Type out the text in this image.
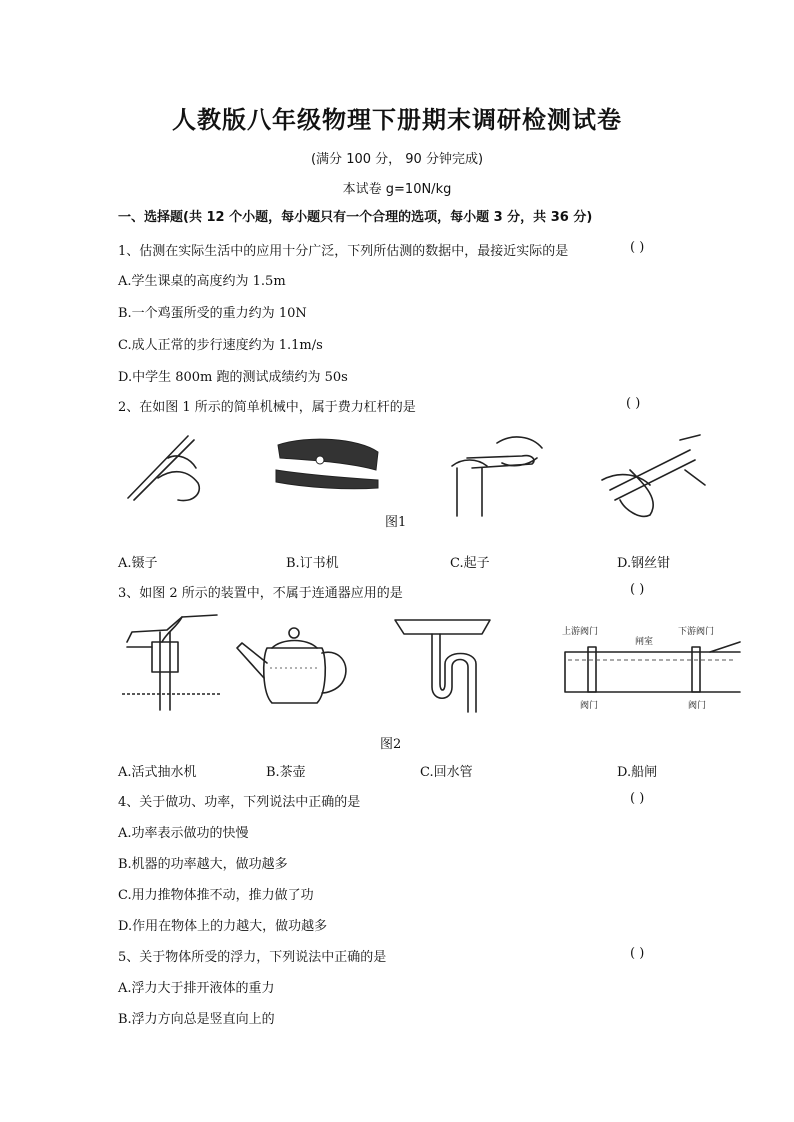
人教版八年级物理下册期末调研检测试卷
(满分 100 分， 90 分钟完成)
本试卷 g=10N/kg
一、选择题(共 12 个小题，每小题只有一个合理的选项，每小题 3 分，共 36 分)
1、估测在实际生活中的应用十分广泛，下列所估测的数据中，最接近实际的是	( )
A.学生课桌的高度约为 1.5m
B.一个鸡蛋所受的重力约为 10N
C.成人正常的步行速度约为 1.1m/s
D.中学生 800m 跑的测试成绩约为 50s
2、在如图 1 所示的简单机械中，属于费力杠杆的是	( )
图1
A.镊子	B.订书机	C.起子	D.钢丝钳
3、如图 2 所示的装置中，不属于连通器应用的是	( )
上游阀门
闸室
下游阀门
阀门	阀门
图2
A.活式抽水机	B.茶壶	C.回水管	D.船闸
4、关于做功、功率，下列说法中正确的是	( )
A.功率表示做功的快慢
B.机器的功率越大，做功越多
C.用力推物体推不动，推力做了功
D.作用在物体上的力越大，做功越多
5、关于物体所受的浮力，下列说法中正确的是	( )
A.浮力大于排开液体的重力
B.浮力方向总是竖直向上的
